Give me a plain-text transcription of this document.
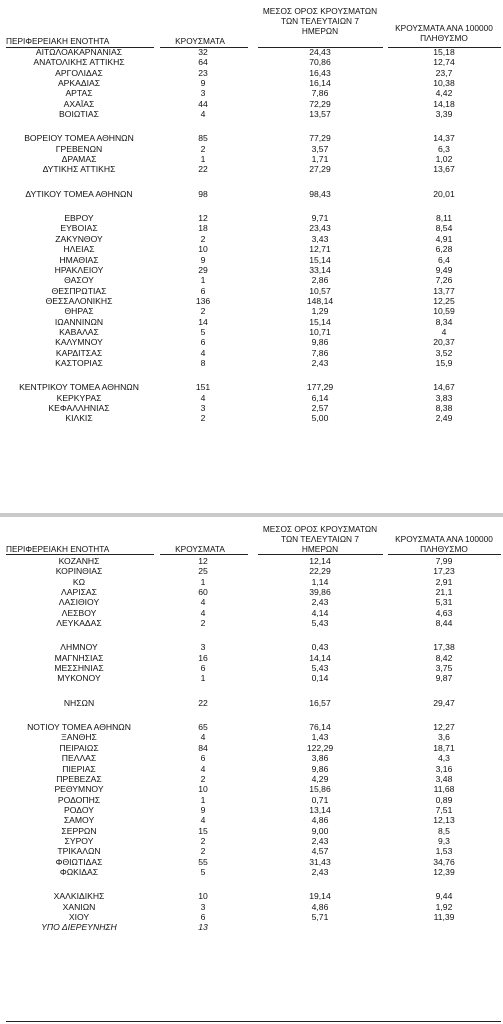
ΠΕΡΙΦΕΡΕΙΑΚΗ ΕΝΟΤΗΤΑ	ΚΡΟΥΣΜΑΤΑ
ΜΕΣΟΣ ΟΡΟΣ ΚΡΟΥΣΜΑΤΩΝ
ΤΩΝ ΤΕΛΕΥΤΑΙΩΝ 7
ΗΜΕΡΩΝ	ΚΡΟΥΣΜΑΤΑ ΑΝΑ 100000
ΠΛΗΘΥΣΜΟ
ΑΙΤΩΛΟΑΚΑΡΝΑΝΙΑΣ	32	24,43	15,18
ΑΝΑΤΟΛΙΚΗΣ ΑΤΤΙΚΗΣ	64	70,86	12,74
ΑΡΓΟΛΙΔΑΣ	23	16,43	23,7
ΑΡΚΑΔΙΑΣ	9	16,14	10,38
ΑΡΤΑΣ	3	7,86	4,42
ΑΧΑΪΑΣ	44	72,29	14,18
ΒΟΙΩΤΙΑΣ	4	13,57	3,39
ΒΟΡΕΙΟΥ ΤΟΜΕΑ ΑΘΗΝΩΝ	85	77,29	14,37
ΓΡΕΒΕΝΩΝ	2	3,57	6,3
ΔΡΑΜΑΣ	1	1,71	1,02
ΔΥΤΙΚΗΣ ΑΤΤΙΚΗΣ	22	27,29	13,67
ΔΥΤΙΚΟΥ ΤΟΜΕΑ ΑΘΗΝΩΝ	98	98,43	20,01
ΕΒΡΟΥ	12	9,71	8,11
ΕΥΒΟΙΑΣ	18	23,43	8,54
ΖΑΚΥΝΘΟΥ	2	3,43	4,91
ΗΛΕΙΑΣ	10	12,71	6,28
ΗΜΑΘΙΑΣ	9	15,14	6,4
ΗΡΑΚΛΕΙΟΥ	29	33,14	9,49
ΘΑΣΟΥ	1	2,86	7,26
ΘΕΣΠΡΩΤΙΑΣ	6	10,57	13,77
ΘΕΣΣΑΛΟΝΙΚΗΣ	136	148,14	12,25
ΘΗΡΑΣ	2	1,29	10,59
ΙΩΑΝΝΙΝΩΝ	14	15,14	8,34
ΚΑΒΑΛΑΣ	5	10,71	4
ΚΑΛΥΜΝΟΥ	6	9,86	20,37
ΚΑΡΔΙΤΣΑΣ	4	7,86	3,52
ΚΑΣΤΟΡΙΑΣ	8	2,43	15,9
ΚΕΝΤΡΙΚΟΥ ΤΟΜΕΑ ΑΘΗΝΩΝ	151	177,29	14,67
ΚΕΡΚΥΡΑΣ	4	6,14	3,83
ΚΕΦΑΛΛΗΝΙΑΣ	3	2,57	8,38
ΚΙΛΚΙΣ	2	5,00	2,49
ΠΕΡΙΦΕΡΕΙΑΚΗ ΕΝΟΤΗΤΑ	ΚΡΟΥΣΜΑΤΑ
ΜΕΣΟΣ ΟΡΟΣ ΚΡΟΥΣΜΑΤΩΝ
ΤΩΝ ΤΕΛΕΥΤΑΙΩΝ 7
ΗΜΕΡΩΝ
ΚΡΟΥΣΜΑΤΑ ΑΝΑ 100000
ΠΛΗΘΥΣΜΟ
ΚΟΖΑΝΗΣ	12	12,14	7,99
ΚΟΡΙΝΘΙΑΣ	25	22,29	17,23
ΚΩ	1	1,14	2,91
ΛΑΡΙΣΑΣ	60	39,86	21,1
ΛΑΣΙΘΙΟΥ	4	2,43	5,31
ΛΕΣΒΟΥ	4	4,14	4,63
ΛΕΥΚΑΔΑΣ	2	5,43	8,44
ΛΗΜΝΟΥ	3	0,43	17,38
ΜΑΓΝΗΣΙΑΣ	16	14,14	8,42
ΜΕΣΣΗΝΙΑΣ	6	5,43	3,75
ΜΥΚΟΝΟΥ	1	0,14	9,87
ΝΗΣΩΝ	22	16,57	29,47
ΝΟΤΙΟΥ ΤΟΜΕΑ ΑΘΗΝΩΝ	65	76,14	12,27
ΞΑΝΘΗΣ	4	1,43	3,6
ΠΕΙΡΑΙΩΣ	84	122,29	18,71
ΠΕΛΛΑΣ	6	3,86	4,3
ΠΙΕΡΙΑΣ	4	9,86	3,16
ΠΡΕΒΕΖΑΣ	2	4,29	3,48
ΡΕΘΥΜΝΟΥ	10	15,86	11,68
ΡΟΔΟΠΗΣ	1	0,71	0,89
ΡΟΔΟΥ	9	13,14	7,51
ΣΑΜΟΥ	4	4,86	12,13
ΣΕΡΡΩΝ	15	9,00	8,5
ΣΥΡΟΥ	2	2,43	9,3
ΤΡΙΚΑΛΩΝ	2	4,57	1,53
ΦΘΙΩΤΙΔΑΣ	55	31,43	34,76
ΦΩΚΙΔΑΣ	5	2,43	12,39
ΧΑΛΚΙΔΙΚΗΣ	10	19,14	9,44
ΧΑΝΙΩΝ	3	4,86	1,92
ΧΙΟΥ	6	5,71	11,39
ΥΠΟ ΔΙΕΡΕΥΝΗΣΗ	13
